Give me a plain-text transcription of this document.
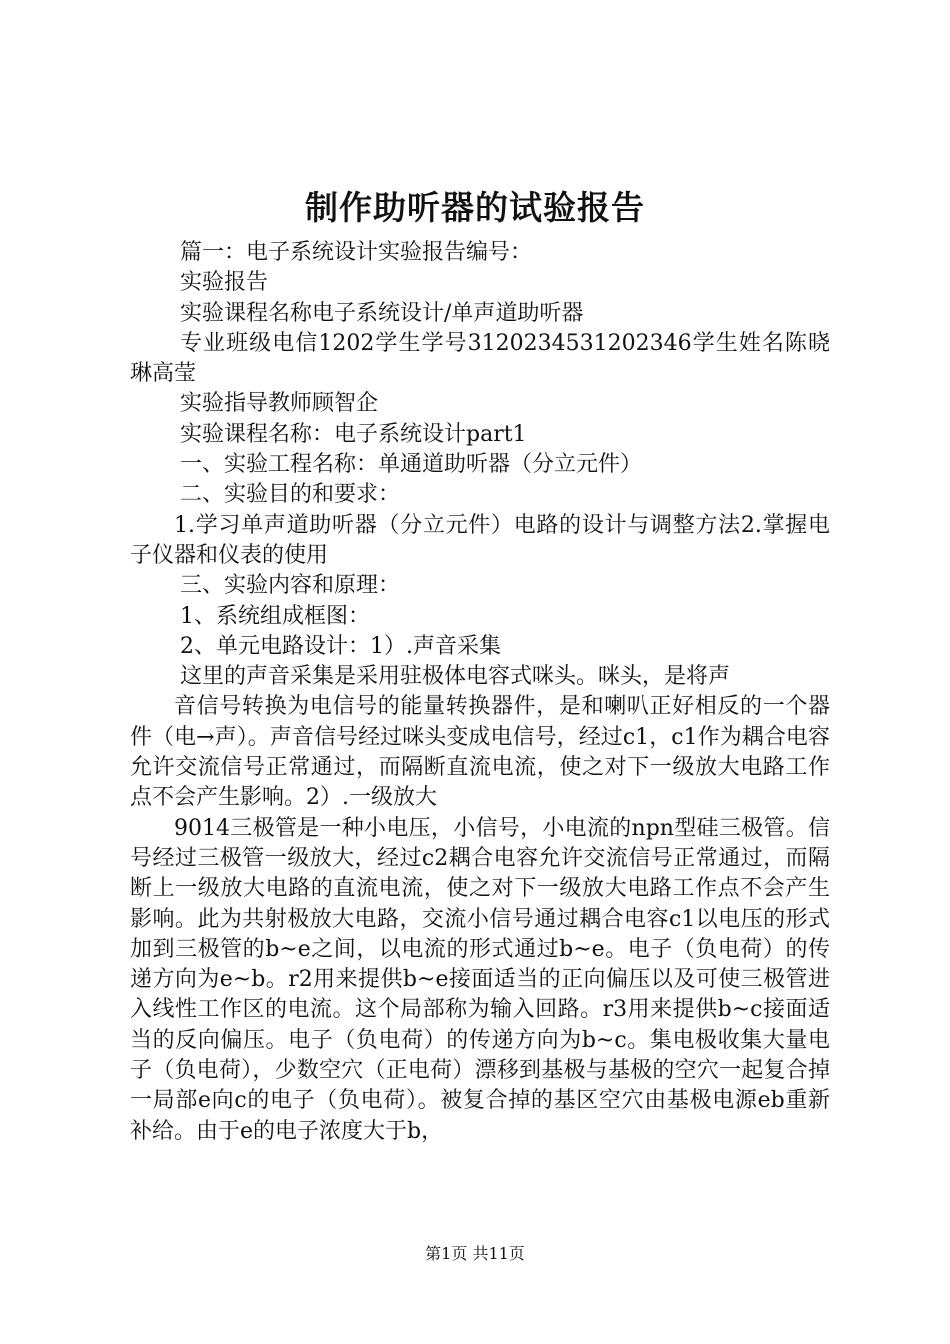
制作助听器的试验报告

篇一：电子系统设计实验报告编号：

实验报告

实验课程名称电子系统设计/单声道助听器

专业班级电信1202学生学号3120234531202346学生姓名陈晓琳高莹

实验指导教师顾智企

实验课程名称：电子系统设计part1

一、实验工程名称：单通道助听器（分立元件）

二、实验目的和要求：

1.学习单声道助听器（分立元件）电路的设计与调整方法2.掌握电子仪器和仪表的使用

三、实验内容和原理：

1、系统组成框图：

2、单元电路设计：1）.声音采集

这里的声音采集是采用驻极体电容式咪头。咪头，是将声

音信号转换为电信号的能量转换器件，是和喇叭正好相反的一个器件（电→声）。声音信号经过咪头变成电信号，经过c1，c1作为耦合电容允许交流信号正常通过，而隔断直流电流，使之对下一级放大电路工作点不会产生影响。2）.一级放大

9014三极管是一种小电压，小信号，小电流的npn型硅三极管。信号经过三极管一级放大，经过c2耦合电容允许交流信号正常通过，而隔断上一级放大电路的直流电流，使之对下一级放大电路工作点不会产生影响。此为共射极放大电路，交流小信号通过耦合电容c1以电压的形式加到三极管的b~e之间，以电流的形式通过b~e。电子（负电荷）的传递方向为e~b。r2用来提供b~e接面适当的正向偏压以及可使三极管进入线性工作区的电流。这个局部称为输入回路。r3用来提供b~c接面适当的反向偏压。电子（负电荷）的传递方向为b~c。集电极收集大量电子（负电荷），少数空穴（正电荷）漂移到基极与基极的空穴一起复合掉一局部e向c的电子（负电荷）。被复合掉的基区空穴由基极电源eb重新补给。由于e的电子浓度大于b，

第1页 共11页
